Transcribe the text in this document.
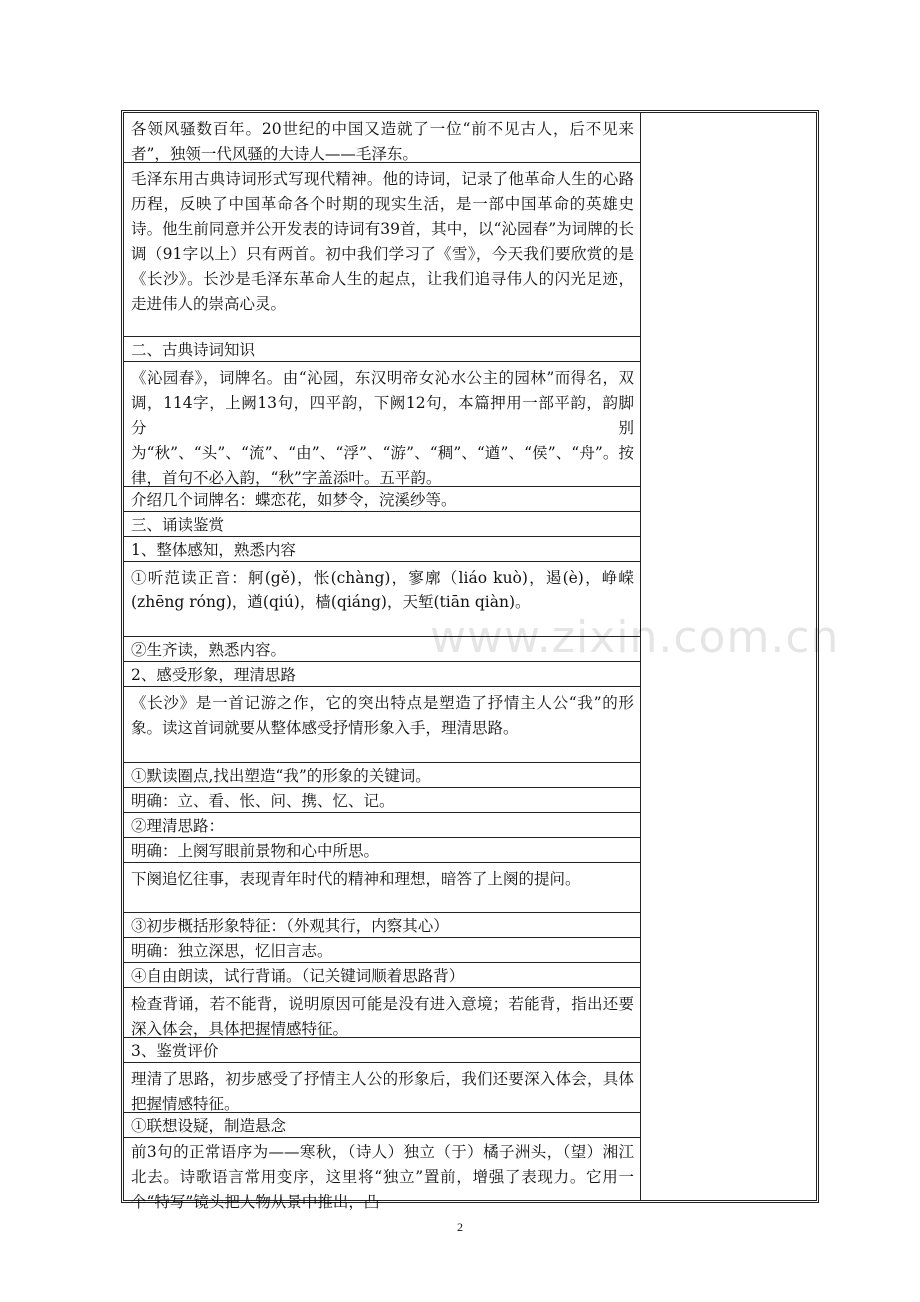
各领风骚数百年。20世纪的中国又造就了一位“前不见古人，后不见来者”，独领一代风骚的大诗人——毛泽东。
毛泽东用古典诗词形式写现代精神。他的诗词，记录了他革命人生的心路历程，反映了中国革命各个时期的现实生活，是一部中国革命的英雄史诗。他生前同意并公开发表的诗词有39首，其中，以“沁园春”为词牌的长调（91字以上）只有两首。初中我们学习了《雪》，今天我们要欣赏的是《长沙》。长沙是毛泽东革命人生的起点，让我们追寻伟人的闪光足迹，走进伟人的崇高心灵。
二、古典诗词知识
《沁园春》，词牌名。由“沁园，东汉明帝女沁水公主的园林”而得名，双调，114字，上阙13句，四平韵，下阙12句，本篇押用一部平韵，韵脚分别为“秋”、“头”、“流”、“由”、“浮”、“游”、“稠”、“遒”、“侯”、“舟”。按律，首句不必入韵，“秋”字盖添叶。五平韵。
介绍几个词牌名：蝶恋花，如梦令，浣溪纱等。
三、诵读鉴赏
1、整体感知，熟悉内容
①听范读正音：舸(gě)，怅(chàng)，寥廓（liáo kuò)，遏(è)，峥嵘(zhēng róng)，遒(qiú)，樯(qiáng)，天堑(tiān qiàn)。
②生齐读，熟悉内容。
2、感受形象，理清思路
《长沙》是一首记游之作，它的突出特点是塑造了抒情主人公“我”的形象。读这首词就要从整体感受抒情形象入手，理清思路。
①默读圈点,找出塑造“我”的形象的关键词。
明确：立、看、怅、问、携、忆、记。
②理清思路：
明确：上阕写眼前景物和心中所思。
下阕追忆往事，表现青年时代的精神和理想，暗答了上阕的提问。
③初步概括形象特征：（外观其行，内察其心）
明确：独立深思，忆旧言志。
④自由朗读，试行背诵。（记关键词顺着思路背）
检查背诵，若不能背，说明原因可能是没有进入意境；若能背，指出还要深入体会，具体把握情感特征。
3、鉴赏评价
理清了思路，初步感受了抒情主人公的形象后，我们还要深入体会，具体把握情感特征。
①联想设疑，制造悬念
前3句的正常语序为——寒秋，（诗人）独立（于）橘子洲头，（望）湘江北去。诗歌语言常用变序，这里将“独立”置前，增强了表现力。它用一个“特写”镜头把人物从景中推出，凸
www.zixin.com.cn
2
